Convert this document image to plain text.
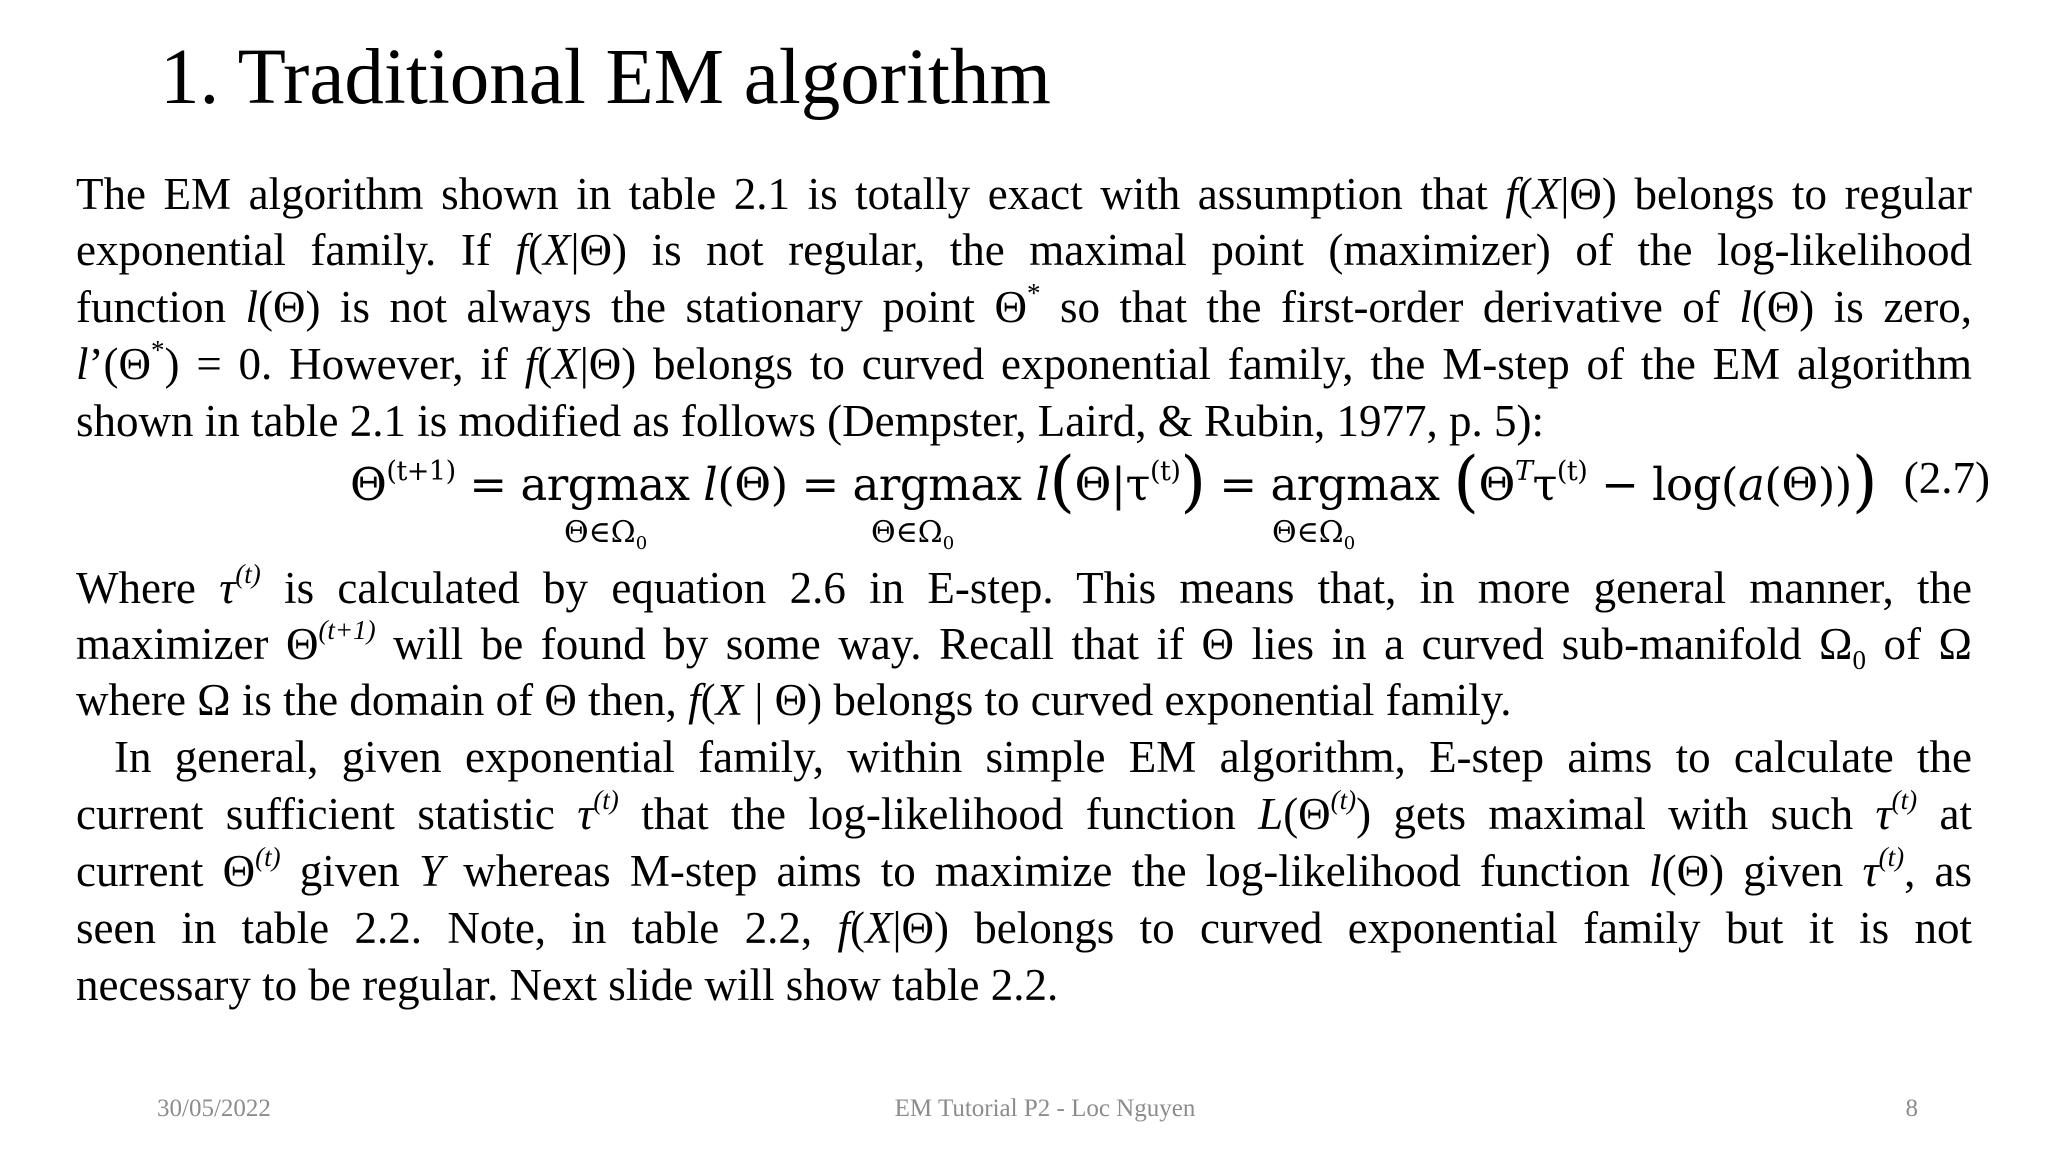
1. Traditional EM algorithm
The EM algorithm shown in table 2.1 is totally exact with assumption that f(X|Θ) belongs to regular
exponential family. If f(X|Θ) is not regular, the maximal point (maximizer) of the log-likelihood
function l(Θ) is not always the stationary point Θ* so that the first-order derivative of l(Θ) is zero,
l’(Θ*) = 0. However, if f(X|Θ) belongs to curved exponential family, the M-step of the EM algorithm
shown in table 2.1 is modified as follows (Dempster, Laird, & Rubin, 1977, p. 5):
$\Theta^{(t+1)} = argmax$ l(Θ) = argmax $l(\Theta|\tau^{(t)}) = argmax$ $(\Theta^T\tau^{(t)} - \log(a(\Theta)))$
$\Theta\in\Omega_0$	$\Theta\in\Omega_0$	$\Theta\in\Omega_0$
(2.7)
Where $\tau^{(t)}$ is calculated by equation 2.6 in E-step. This means that, in more general manner, the
maximizer $\Theta^{(t+1)}$ will be found by some way. Recall that if Θ lies in a curved sub-manifold $\Omega_0$ of Ω
where Ω is the domain of Θ then, f(X | Θ) belongs to curved exponential family.
In general, given exponential family, within simple EM algorithm, E-step aims to calculate the
current sufficient statistic $\tau^{(t)}$ that the log-likelihood function $L(\Theta^{(t)})$ gets maximal with such $\tau^{(t)}$ at
current $\Theta^{(t)}$ given Y whereas M-step aims to maximize the log-likelihood function l(Θ) given $\tau^{(t)}$, as
seen in table 2.2. Note, in table 2.2, f(X|Θ) belongs to curved exponential family but it is not
necessary to be regular. Next slide will show table 2.2.
30/05/2022	EM Tutorial P2 - Loc Nguyen	8
